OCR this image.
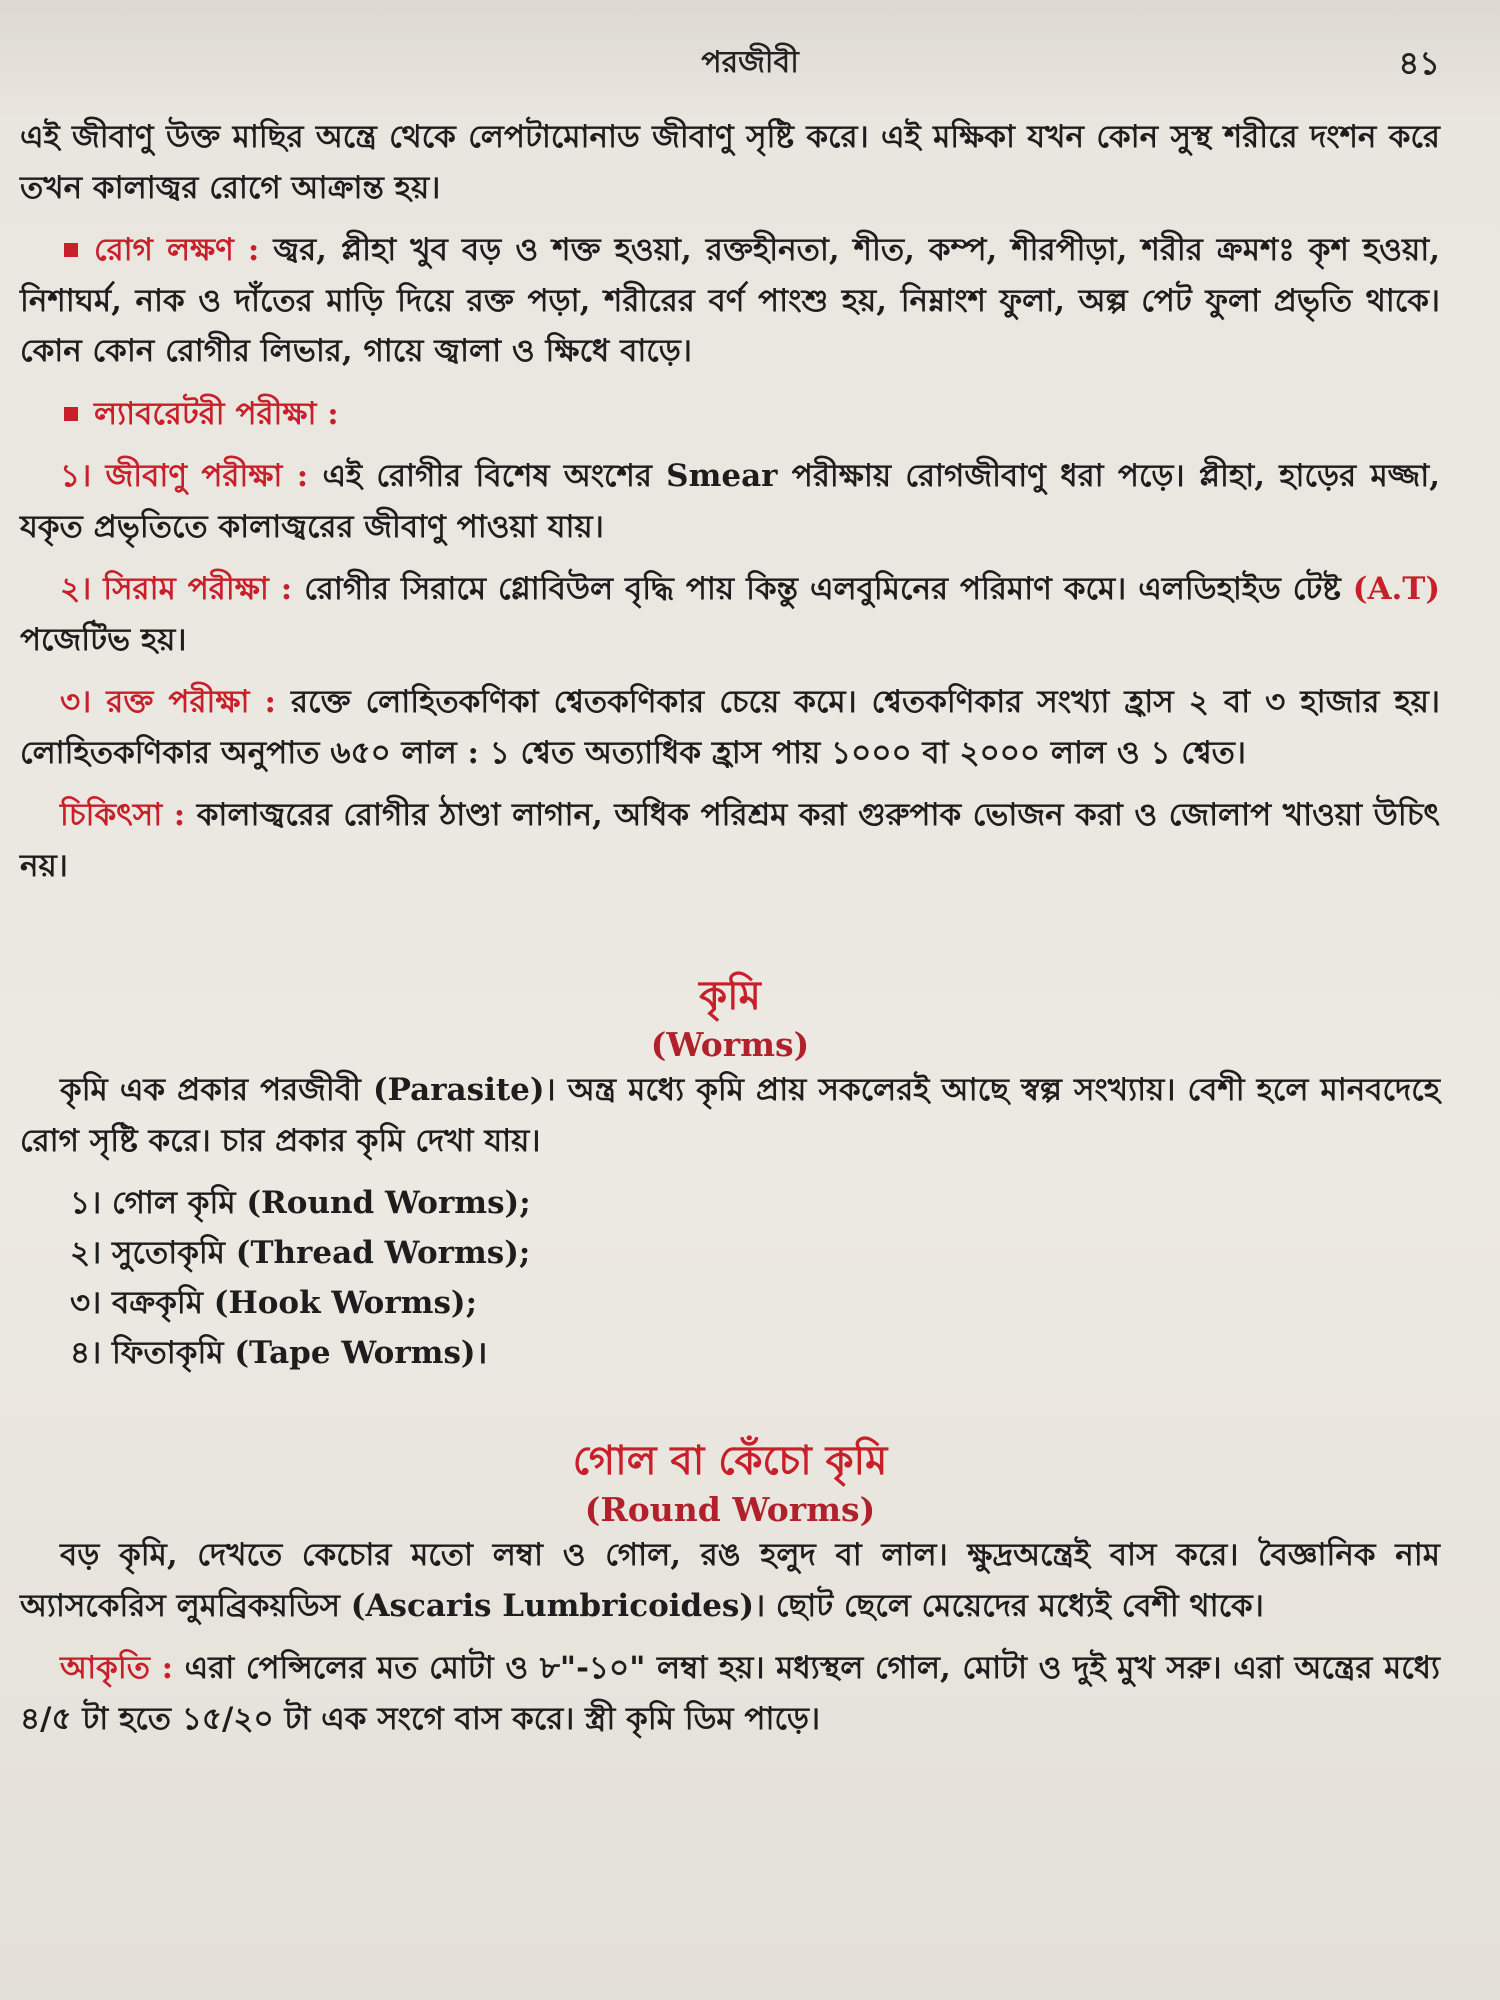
পরজীবী	৪১

এই জীবাণু উক্ত মাছির অন্ত্রে থেকে লেপটামোনাড জীবাণু সৃষ্টি করে। এই মক্ষিকা যখন কোন সুস্থ শরীরে দংশন করে তখন কালাজ্বর রোগে আক্রান্ত হয়।

রোগ লক্ষণ : জ্বর, প্লীহা খুব বড় ও শক্ত হওয়া, রক্তহীনতা, শীত, কম্প, শীরপীড়া, শরীর ক্রমশঃ কৃশ হওয়া, নিশাঘর্ম, নাক ও দাঁতের মাড়ি দিয়ে রক্ত পড়া, শরীরের বর্ণ পাংশু হয়, নিম্নাংশ ফুলা, অল্প পেট ফুলা প্রভৃতি থাকে। কোন কোন রোগীর লিভার, গায়ে জ্বালা ও ক্ষিধে বাড়ে।

ল্যাবরেটরী পরীক্ষা :

১। জীবাণু পরীক্ষা : এই রোগীর বিশেষ অংশের Smear পরীক্ষায় রোগজীবাণু ধরা পড়ে। প্লীহা, হাড়ের মজ্জা, যকৃত প্রভৃতিতে কালাজ্বরের জীবাণু পাওয়া যায়।

২। সিরাম পরীক্ষা : রোগীর সিরামে গ্লোবিউল বৃদ্ধি পায় কিন্তু এলবুমিনের পরিমাণ কমে। এলডিহাইড টেষ্ট (A.T) পজেটিভ হয়।

৩। রক্ত পরীক্ষা : রক্তে লোহিতকণিকা শ্বেতকণিকার চেয়ে কমে। শ্বেতকণিকার সংখ্যা হ্রাস ২ বা ৩ হাজার হয়। লোহিতকণিকার অনুপাত ৬৫০ লাল : ১ শ্বেত অত্যাধিক হ্রাস পায় ১০০০ বা ২০০০ লাল ও ১ শ্বেত।

চিকিৎসা : কালাজ্বরের রোগীর ঠাণ্ডা লাগান, অধিক পরিশ্রম করা গুরুপাক ভোজন করা ও জোলাপ খাওয়া উচিৎ নয়।

কৃমি
(Worms)

কৃমি এক প্রকার পরজীবী (Parasite)। অন্ত্র মধ্যে কৃমি প্রায় সকলেরই আছে স্বল্প সংখ্যায়। বেশী হলে মানবদেহে রোগ সৃষ্টি করে। চার প্রকার কৃমি দেখা যায়।

১। গোল কৃমি (Round Worms);
২। সুতোকৃমি (Thread Worms);
৩। বক্রকৃমি (Hook Worms);
৪। ফিতাকৃমি (Tape Worms)।
গোল বা কেঁচো কৃমি
(Round Worms)

বড় কৃমি, দেখতে কেচোর মতো লম্বা ও গোল, রঙ হলুদ বা লাল। ক্ষুদ্রঅন্ত্রেই বাস করে। বৈজ্ঞানিক নাম অ্যাসকেরিস লুমব্রিকয়ডিস (Ascaris Lumbricoides)। ছোট ছেলে মেয়েদের মধ্যেই বেশী থাকে।

আকৃতি : এরা পেন্সিলের মত মোটা ও ৮"-১০" লম্বা হয়। মধ্যস্থল গোল, মোটা ও দুই মুখ সরু। এরা অন্ত্রের মধ্যে ৪/৫ টা হতে ১৫/২০ টা এক সংগে বাস করে। স্ত্রী কৃমি ডিম পাড়ে।
